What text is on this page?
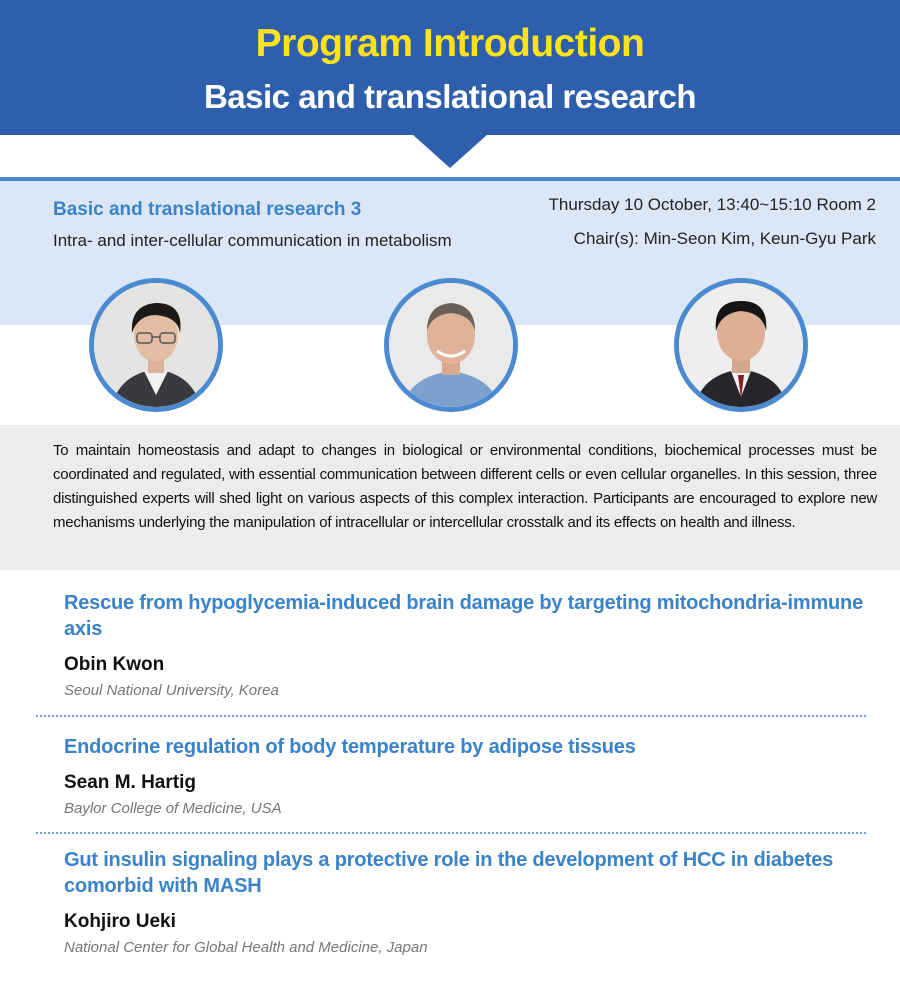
Program Introduction
Basic and translational research
Basic and translational research 3
Intra- and inter-cellular communication in metabolism
Thursday 10 October, 13:40~15:10 Room 2
Chair(s): Min-Seon Kim, Keun-Gyu Park

To maintain homeostasis and adapt to changes in biological or environmental conditions, biochemical processes must be coordinated and regulated, with essential communication between different cells or even cellular organelles. In this session, three distinguished experts will shed light on various aspects of this complex interaction. Participants are encouraged to explore new mechanisms underlying the manipulation of intracellular or intercellular crosstalk and its effects on health and illness.

Rescue from hypoglycemia-induced brain damage by targeting mitochondria-immune axis
Obin Kwon
Seoul National University, Korea
Endocrine regulation of body temperature by adipose tissues
Sean M. Hartig
Baylor College of Medicine, USA
Gut insulin signaling plays a protective role in the development of HCC in diabetes comorbid with MASH
Kohjiro Ueki
National Center for Global Health and Medicine, Japan
